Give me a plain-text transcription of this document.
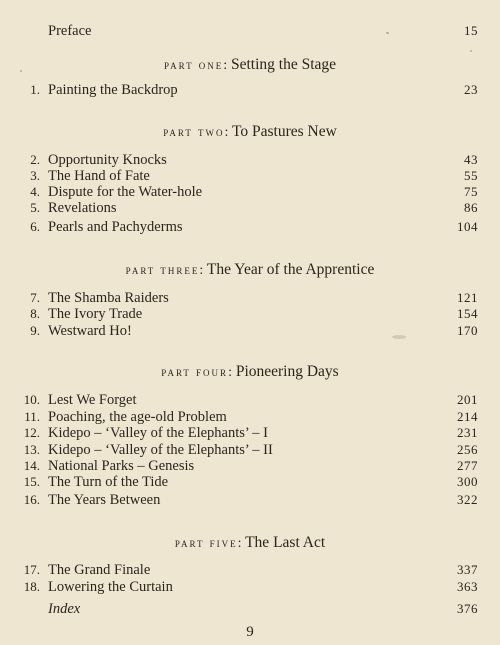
Preface	15
part one: Setting the Stage
1. Painting the Backdrop	23
part two: To Pastures New
2. Opportunity Knocks	43
3. The Hand of Fate	55
4. Dispute for the Water-hole	75
5. Revelations	86
6. Pearls and Pachyderms	104
part three: The Year of the Apprentice
7. The Shamba Raiders	121
8. The Ivory Trade	154
9. Westward Ho!	170
part four: Pioneering Days
10. Lest We Forget	201
11. Poaching, the age-old Problem	214
12. Kidepo – ‘Valley of the Elephants’ – I	231
13. Kidepo – ‘Valley of the Elephants’ – II	256
14. National Parks – Genesis	277
15. The Turn of the Tide	300
16. The Years Between	322
part five: The Last Act
17. The Grand Finale	337
18. Lowering the Curtain	363
Index	376
9
